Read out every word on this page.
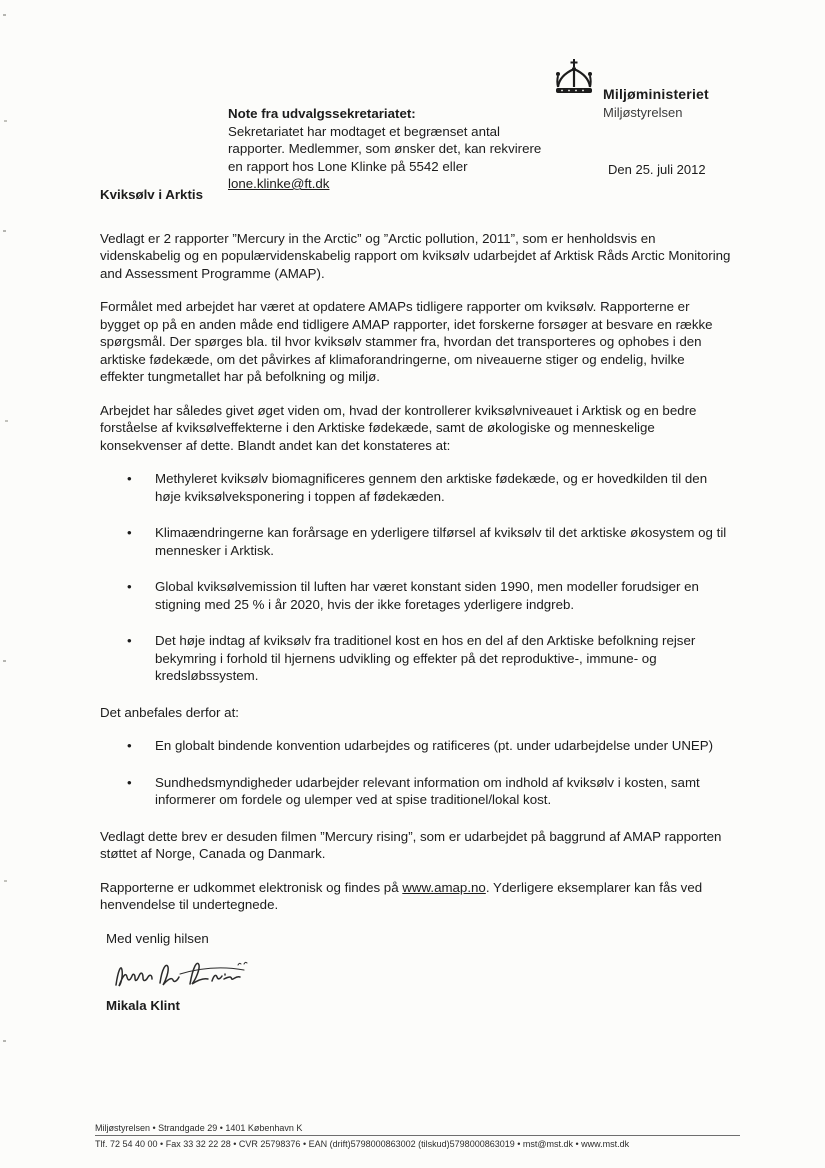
Miljøministeriet
Miljøstyrelsen
Note fra udvalgssekretariatet:
Sekretariatet har modtaget et begrænset antal rapporter. Medlemmer, som ønsker det, kan rekvirere en rapport hos Lone Klinke på 5542 eller lone.klinke@ft.dk
Den 25. juli 2012
Kviksølv i Arktis

Vedlagt er 2 rapporter ”Mercury in the Arctic” og ”Arctic pollution, 2011”, som er henholdsvis en videnskabelig og en populærvidenskabelig rapport om kviksølv udarbejdet af Arktisk Råds Arctic Monitoring and Assessment Programme (AMAP).

Formålet med arbejdet har været at opdatere AMAPs tidligere rapporter om kviksølv. Rapporterne er bygget op på en anden måde end tidligere AMAP rapporter, idet forskerne forsøger at besvare en række spørgsmål. Der spørges bla. til hvor kviksølv stammer fra, hvordan det transporteres og ophobes i den arktiske fødekæde, om det påvirkes af klimaforandringerne, om niveauerne stiger og endelig, hvilke effekter tungmetallet har på befolkning og miljø.

Arbejdet har således givet øget viden om, hvad der kontrollerer kviksølvniveauet i Arktisk og en bedre forståelse af kviksølveffekterne i den Arktiske fødekæde, samt de økologiske og menneskelige konsekvenser af dette. Blandt andet kan det konstateres at:

•	Methyleret kviksølv biomagnificeres gennem den arktiske fødekæde, og er hovedkilden til den høje kviksølveksponering i toppen af fødekæden.
•	Klimaændringerne kan forårsage en yderligere tilførsel af kviksølv til det arktiske økosystem og til mennesker i Arktisk.
•	Global kviksølvemission til luften har været konstant siden 1990, men modeller forudsiger en stigning med 25 % i år 2020, hvis der ikke foretages yderligere indgreb.
•	Det høje indtag af kviksølv fra traditionel kost en hos en del af den Arktiske befolkning rejser bekymring i forhold til hjernens udvikling og effekter på det reproduktive-, immune- og kredsløbssystem.

Det anbefales derfor at:

•	En globalt bindende konvention udarbejdes og ratificeres (pt. under udarbejdelse under UNEP)
•	Sundhedsmyndigheder udarbejder relevant information om indhold af kviksølv i kosten, samt informerer om fordele og ulemper ved at spise traditionel/lokal kost.

Vedlagt dette brev er desuden filmen ”Mercury rising”, som er udarbejdet på baggrund af AMAP rapporten støttet af Norge, Canada og Danmark.

Rapporterne er udkommet elektronisk og findes på www.amap.no. Yderligere eksemplarer kan fås ved henvendelse til undertegnede.

Med venlig hilsen
Mikala Klint
Miljøstyrelsen • Strandgade 29 • 1401 København K
Tlf. 72 54 40 00 • Fax 33 32 22 28 • CVR 25798376 • EAN (drift)5798000863002 (tilskud)5798000863019 • mst@mst.dk • www.mst.dk
